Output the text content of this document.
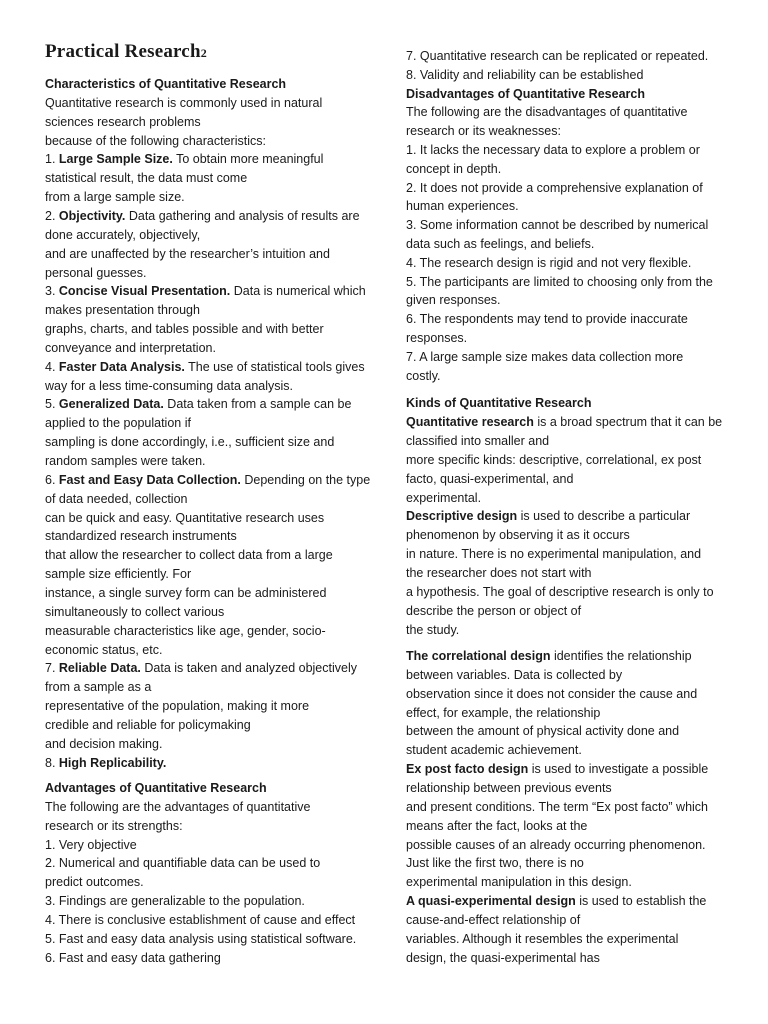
Practical Research2
Characteristics of Quantitative Research
Quantitative research is commonly used in natural
sciences research problems
because of the following characteristics:
1. Large Sample Size. To obtain more meaningful
statistical result, the data must come
from a large sample size.
2. Objectivity. Data gathering and analysis of results are
done accurately, objectively,
and are unaffected by the researcher’s intuition and
personal guesses.
3. Concise Visual Presentation. Data is numerical which
makes presentation through
graphs, charts, and tables possible and with better
conveyance and interpretation.
4. Faster Data Analysis. The use of statistical tools gives
way for a less time-consuming data analysis.
5. Generalized Data. Data taken from a sample can be
applied to the population if
sampling is done accordingly, i.e., sufficient size and
random samples were taken.
6. Fast and Easy Data Collection. Depending on the type
of data needed, collection
can be quick and easy. Quantitative research uses
standardized research instruments
that allow the researcher to collect data from a large
sample size efficiently. For
instance, a single survey form can be administered
simultaneously to collect various
measurable characteristics like age, gender, socio-
economic status, etc.
7. Reliable Data. Data is taken and analyzed objectively
from a sample as a
representative of the population, making it more
credible and reliable for policymaking
and decision making.
8. High Replicability.
Advantages of Quantitative Research
The following are the advantages of quantitative
research or its strengths:
1. Very objective
2. Numerical and quantifiable data can be used to
predict outcomes.
3. Findings are generalizable to the population.
4. There is conclusive establishment of cause and effect
5. Fast and easy data analysis using statistical software.
6. Fast and easy data gathering
7. Quantitative research can be replicated or repeated.
8. Validity and reliability can be established
Disadvantages of Quantitative Research
The following are the disadvantages of quantitative
research or its weaknesses:
1. It lacks the necessary data to explore a problem or
concept in depth.
2. It does not provide a comprehensive explanation of
human experiences.
3. Some information cannot be described by numerical
data such as feelings, and beliefs.
4. The research design is rigid and not very flexible.
5. The participants are limited to choosing only from the
given responses.
6. The respondents may tend to provide inaccurate
responses.
7. A large sample size makes data collection more
costly.
Kinds of Quantitative Research
Quantitative research is a broad spectrum that it can be
classified into smaller and
more specific kinds: descriptive, correlational, ex post
facto, quasi-experimental, and
experimental.
Descriptive design is used to describe a particular
phenomenon by observing it as it occurs
in nature. There is no experimental manipulation, and
the researcher does not start with
a hypothesis. The goal of descriptive research is only to
describe the person or object of
the study.
The correlational design identifies the relationship
between variables. Data is collected by
observation since it does not consider the cause and
effect, for example, the relationship
between the amount of physical activity done and
student academic achievement.
Ex post facto design is used to investigate a possible
relationship between previous events
and present conditions. The term “Ex post facto” which
means after the fact, looks at the
possible causes of an already occurring phenomenon.
Just like the first two, there is no
experimental manipulation in this design.
A quasi-experimental design is used to establish the
cause-and-effect relationship of
variables. Although it resembles the experimental
design, the quasi-experimental has
